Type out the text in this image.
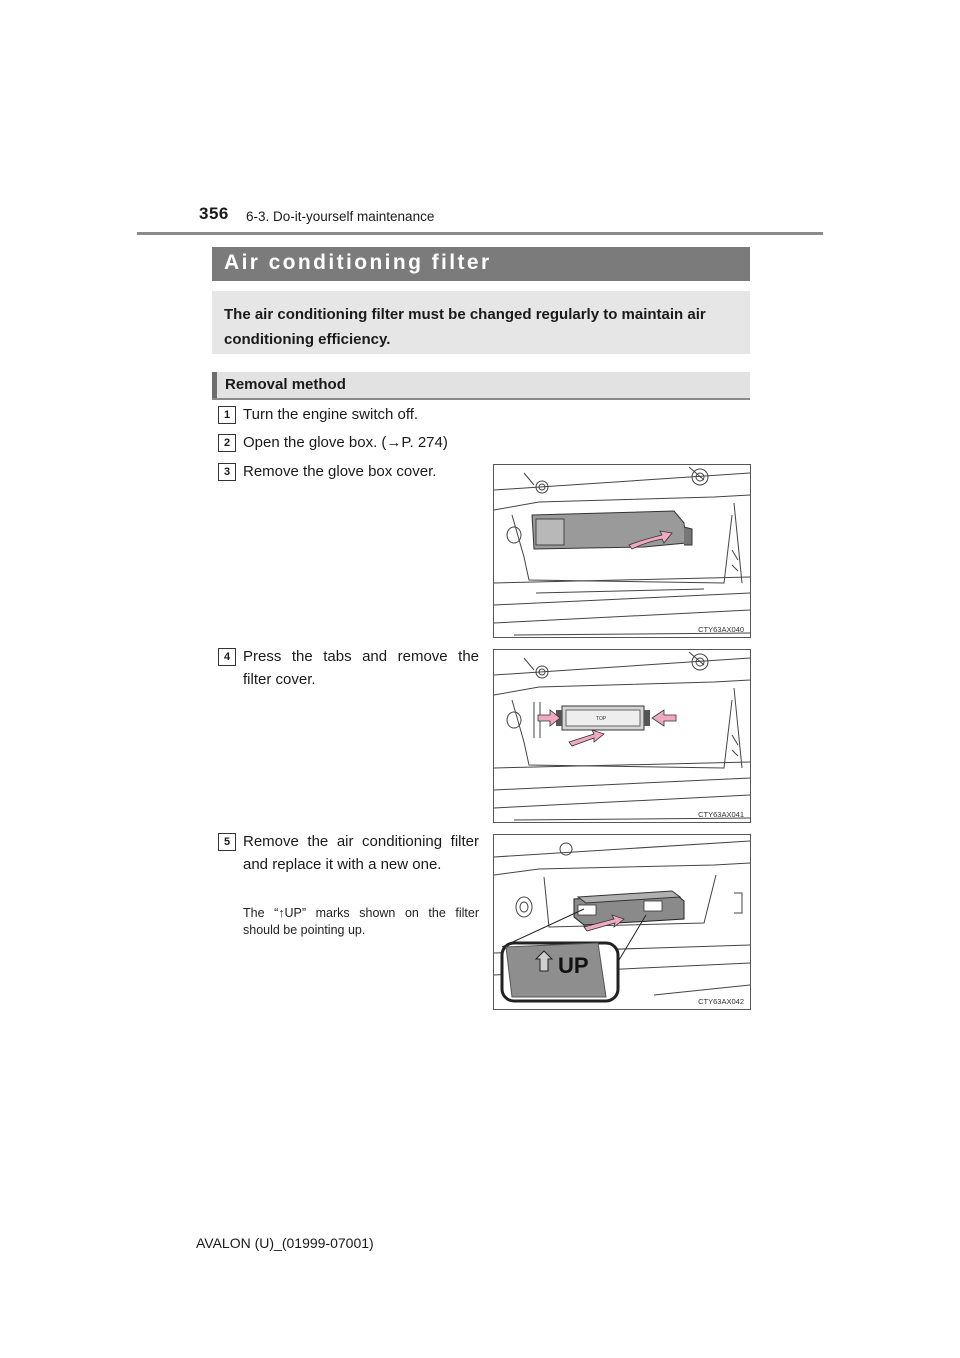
356 6-3. Do-it-yourself maintenance
Air conditioning filter
The air conditioning filter must be changed regularly to maintain air conditioning efficiency.
Removal method
1 Turn the engine switch off.
2 Open the glove box. (→P. 274)
3 Remove the glove box cover.
4 Press the tabs and remove the filter cover.
5 Remove the air conditioning filter and replace it with a new one.
The “↑UP” marks shown on the filter should be pointing up.
CTY63AX040
TOP
CTY63AX041
UP
CTY63AX042
AVALON (U)_(01999-07001)
